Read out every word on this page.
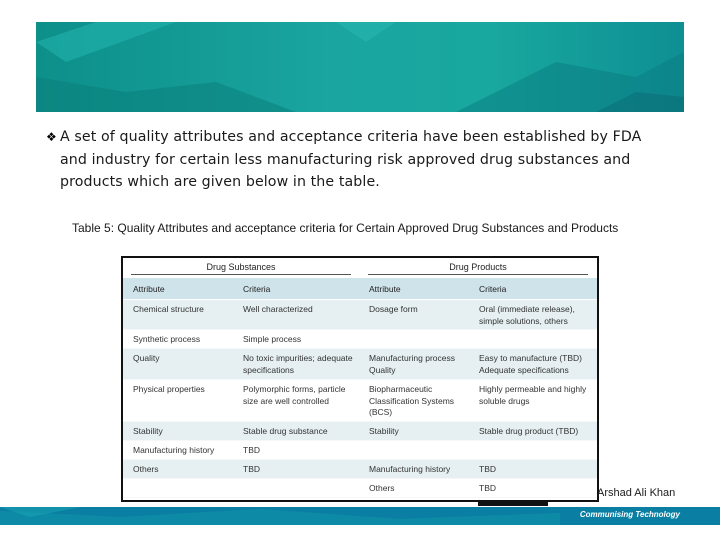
❖ A set of quality attributes and acceptance criteria have been established by FDA
and industry for certain less manufacturing risk approved drug substances and
products which are given below in the table.
Table 5: Quality Attributes and acceptance criteria for Certain Approved Drug Substances and Products
Drug Substances		Drug Products	
Attribute	Criteria	Attribute	Criteria
Chemical structure	Well characterized	Dosage form	Oral (immediate release), simple solutions, others
Synthetic process	Simple process		
Quality	No toxic impurities; adequate specifications	Manufacturing process Quality	Easy to manufacture (TBD) Adequate specifications
Physical properties	Polymorphic forms, particle size are well controlled	Biopharmaceutic Classification Systems (BCS)	Highly permeable and highly soluble drugs
Stability	Stable drug substance	Stability	Stable drug product (TBD)
Manufacturing history	TBD		
Others	TBD	Manufacturing history	TBD
		Others	TBD	Arshad Ali Khan
Communising Technology
